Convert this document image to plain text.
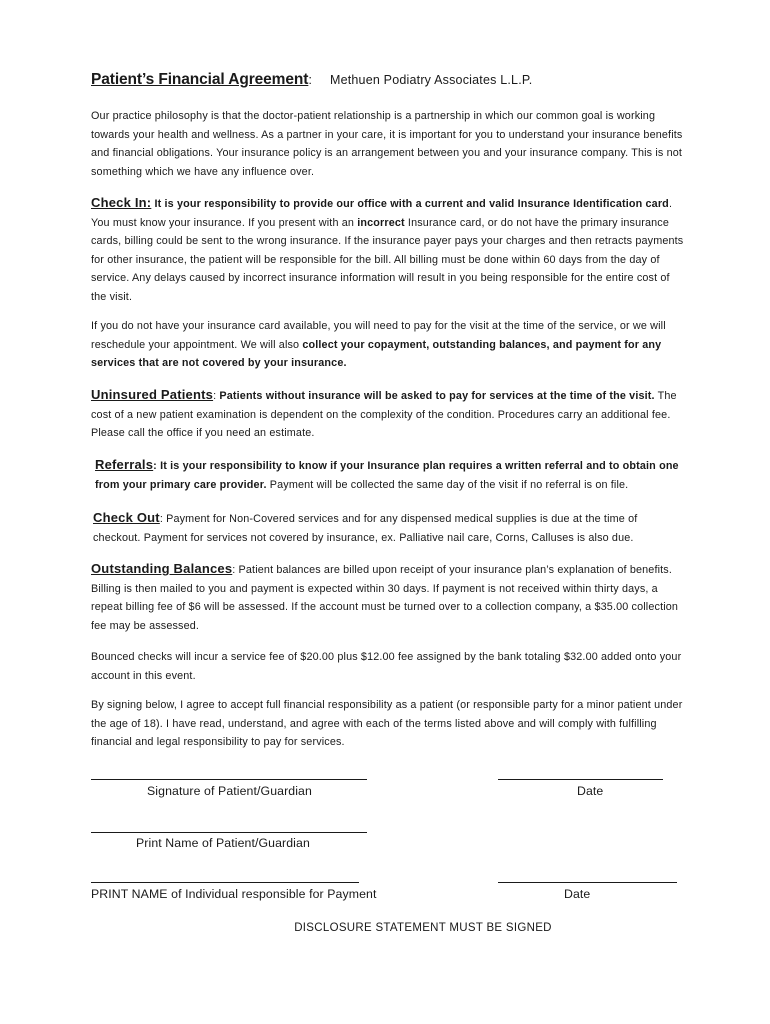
Patient’s Financial Agreement: Methuen Podiatry Associates L.L.P.
Our practice philosophy is that the doctor-patient relationship is a partnership in which our common goal is working towards your health and wellness. As a partner in your care, it is important for you to understand your insurance benefits and financial obligations. Your insurance policy is an arrangement between you and your insurance company. This is not something which we have any influence over.
Check In: It is your responsibility to provide our office with a current and valid Insurance Identification card. You must know your insurance. If you present with an incorrect Insurance card, or do not have the primary insurance cards, billing could be sent to the wrong insurance. If the insurance payer pays your charges and then retracts payments for other insurance, the patient will be responsible for the bill. All billing must be done within 60 days from the day of service. Any delays caused by incorrect insurance information will result in you being responsible for the entire cost of the visit.
If you do not have your insurance card available, you will need to pay for the visit at the time of the service, or we will reschedule your appointment. We will also collect your copayment, outstanding balances, and payment for any services that are not covered by your insurance.
Uninsured Patients: Patients without insurance will be asked to pay for services at the time of the visit. The cost of a new patient examination is dependent on the complexity of the condition. Procedures carry an additional fee. Please call the office if you need an estimate.
Referrals: It is your responsibility to know if your Insurance plan requires a written referral and to obtain one from your primary care provider. Payment will be collected the same day of the visit if no referral is on file.
Check Out: Payment for Non-Covered services and for any dispensed medical supplies is due at the time of checkout. Payment for services not covered by insurance, ex. Palliative nail care, Corns, Calluses is also due.
Outstanding Balances: Patient balances are billed upon receipt of your insurance plan’s explanation of benefits. Billing is then mailed to you and payment is expected within 30 days. If payment is not received within thirty days, a repeat billing fee of $6 will be assessed. If the account must be turned over to a collection company, a $35.00 collection fee may be assessed.
Bounced checks will incur a service fee of $20.00 plus $12.00 fee assigned by the bank totaling $32.00 added onto your account in this event.
By signing below, I agree to accept full financial responsibility as a patient (or responsible party for a minor patient under the age of 18). I have read, understand, and agree with each of the terms listed above and will comply with fulfilling financial and legal responsibility to pay for services.
Signature of Patient/Guardian	Date
Print Name of Patient/Guardian
PRINT NAME of Individual responsible for Payment	Date
DISCLOSURE STATEMENT MUST BE SIGNED
